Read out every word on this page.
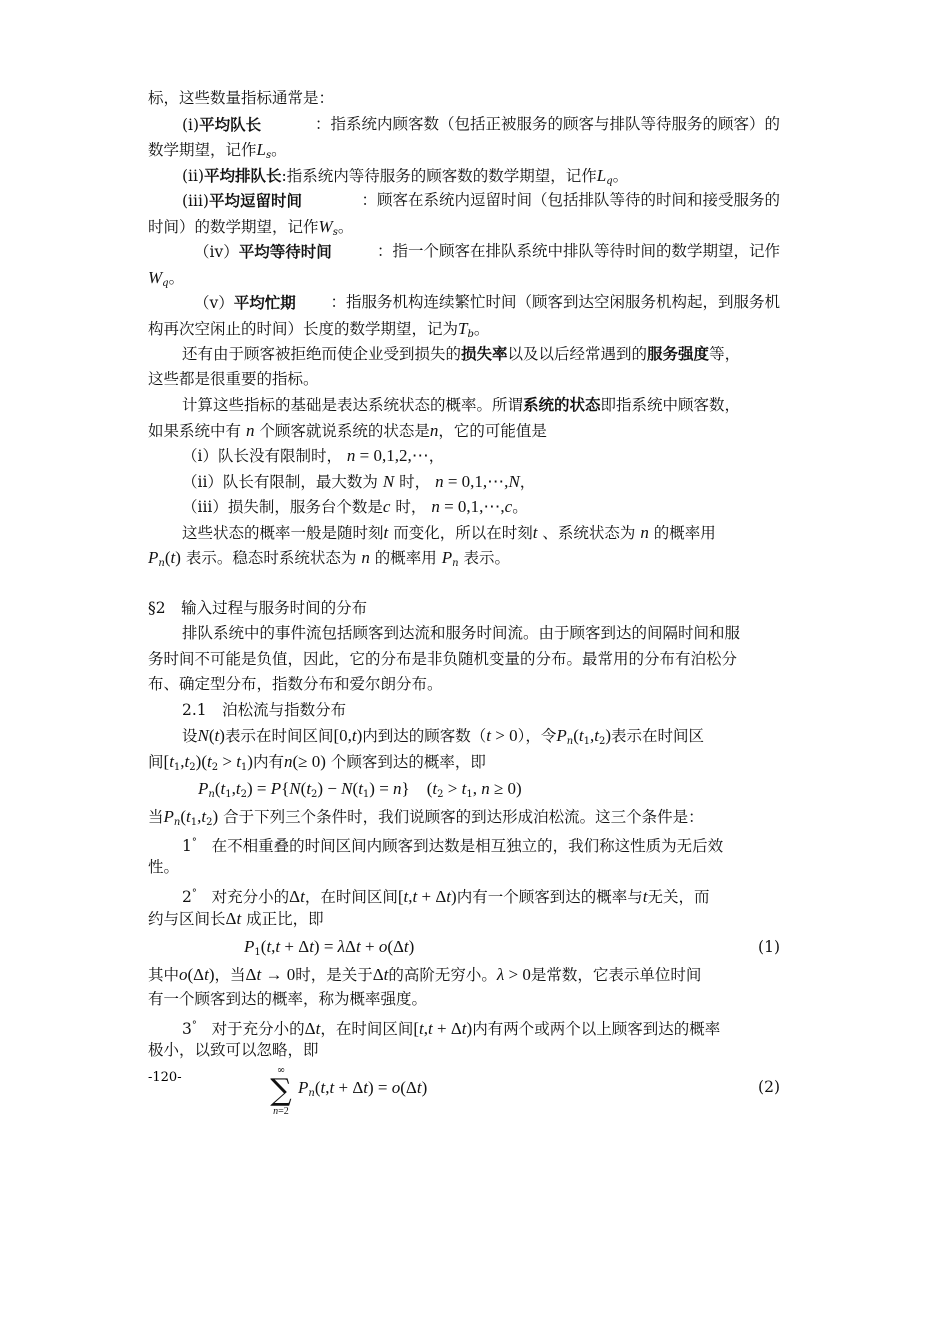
标，这些数量指标通常是：
(i)平均队长	：指系统内顾客数（包括正被服务的顾客与排队等待服务的顾客）的
数学期望，记作$L_s$。
(ii)平均排队长:指系统内等待服务的顾客数的数学期望，记作$L_q$。
(iii)平均逗留时间	：顾客在系统内逗留时间（包括排队等待的时间和接受服务的
时间）的数学期望，记作$W_s$。
（iv）平均等待时间	：指一个顾客在排队系统中排队等待时间的数学期望，记作
$W_q$。
（v）平均忙期 ：指服务机构连续繁忙时间（顾客到达空闲服务机构起，到服务机
构再次空闲止的时间）长度的数学期望，记为$T_b$。
还有由于顾客被拒绝而使企业受到损失的损失率以及以后经常遇到的服务强度等，
这些都是很重要的指标。
计算这些指标的基础是表达系统状态的概率。所谓系统的状态即指系统中顾客数，
如果系统中有 n 个顾客就说系统的状态是n，它的可能值是
（i）队长没有限制时， n = 0,1,2,⋯，
（ii）队长有限制，最大数为 N 时， n = 0,1,⋯,N，
（iii）损失制，服务台个数是c 时， n = 0,1,⋯,c。
这些状态的概率一般是随时刻t 而变化，所以在时刻t 、系统状态为 n 的概率用
$P_n(t)$ 表示。稳态时系统状态为 n 的概率用 $P_n$ 表示。
§2　输入过程与服务时间的分布
排队系统中的事件流包括顾客到达流和服务时间流。由于顾客到达的间隔时间和服
务时间不可能是负值，因此，它的分布是非负随机变量的分布。最常用的分布有泊松分
布、确定型分布，指数分布和爱尔朗分布。
2.1　泊松流与指数分布
设N(t)表示在时间区间[0,t)内到达的顾客数（t > 0），令$P_n(t_1,t_2)$表示在时间区
间$[t_1,t_2)(t_2 > t_1)$内有n(≥ 0) 个顾客到达的概率，即
$P_n(t_1,t_2) = P\{N(t_2) - N(t_1) = n\}$    ($t_2 > t_1$, n ≥ 0)
当$P_n(t_1,t_2)$ 合于下列三个条件时，我们说顾客的到达形成泊松流。这三个条件是：
1° 在不相重叠的时间区间内顾客到达数是相互独立的，我们称这性质为无后效
性。
2° 对充分小的Δt，在时间区间[t,t + Δt)内有一个顾客到达的概率与t无关，而
约与区间长Δt 成正比，即
$P_1(t,t + \Delta t) = \lambda\Delta t + o(\Delta t)$	(1)
其中o(Δt)，当Δt → 0时，是关于Δt的高阶无穷小。λ > 0是常数，它表示单位时间
有一个顾客到达的概率，称为概率强度。
3° 对于充分小的Δt，在时间区间[t,t + Δt)内有两个或两个以上顾客到达的概率
极小，以致可以忽略，即
∞
∑
n=2
$P_n(t,t + \Delta t) = o(\Delta t)$	(2)
-120-
